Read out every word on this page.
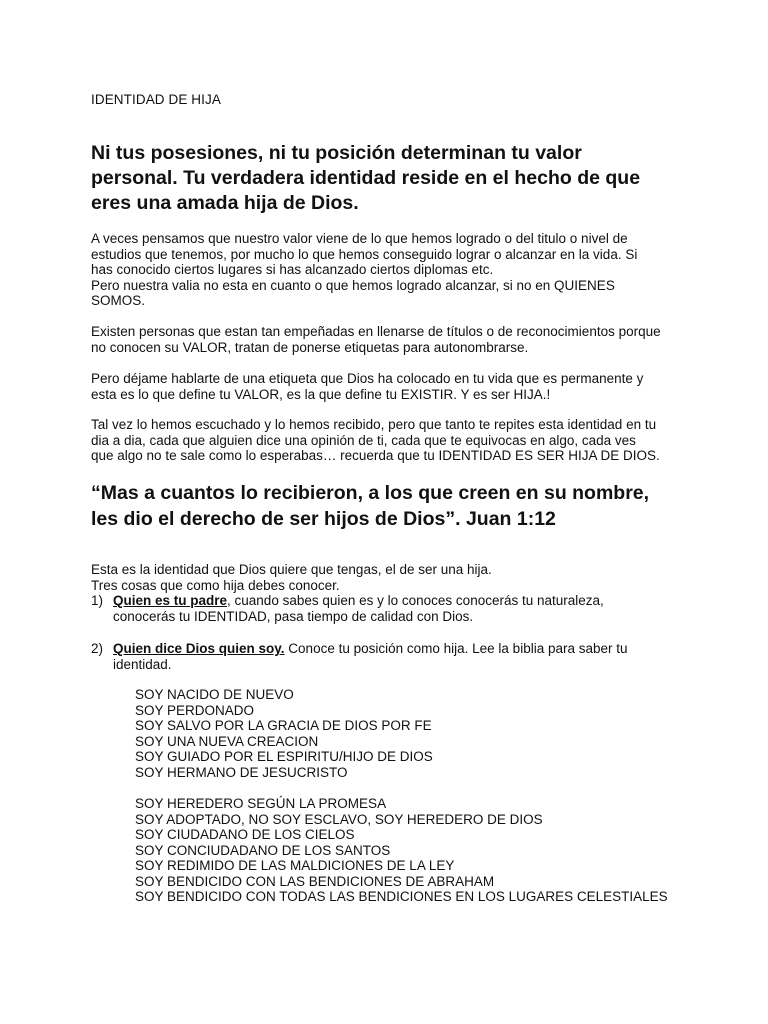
IDENTIDAD DE HIJA
Ni tus posesiones, ni tu posición determinan tu valor
personal. Tu verdadera identidad reside en el hecho de que
eres una amada hija de Dios.
A veces pensamos que nuestro valor viene de lo que hemos logrado o del titulo o nivel de
estudios que tenemos, por mucho lo que hemos conseguido lograr o alcanzar en la vida. Si
has conocido ciertos lugares si has alcanzado ciertos diplomas etc.
Pero nuestra valia no esta en cuanto o que hemos logrado alcanzar, si no en QUIENES
SOMOS.
Existen personas que estan tan empeñadas en llenarse de títulos o de reconocimientos porque
no conocen su VALOR, tratan de ponerse etiquetas para autonombrarse.
Pero déjame hablarte de una etiqueta que Dios ha colocado en tu vida que es permanente y
esta es lo que define tu VALOR, es la que define tu EXISTIR. Y es ser HIJA.!
Tal vez lo hemos escuchado y lo hemos recibido, pero que tanto te repites esta identidad en tu
dia a dia, cada que alguien dice una opinión de ti, cada que te equivocas en algo, cada ves
que algo no te sale como lo esperabas… recuerda que tu IDENTIDAD ES SER HIJA DE DIOS.
“Mas a cuantos lo recibieron, a los que creen en su nombre,
les dio el derecho de ser hijos de Dios”. Juan 1:12
Esta es la identidad que Dios quiere que tengas, el de ser una hija.
Tres cosas que como hija debes conocer.
1) Quien es tu padre, cuando sabes quien es y lo conoces conocerás tu naturaleza,
conocerás tu IDENTIDAD, pasa tiempo de calidad con Dios.
2) Quien dice Dios quien soy. Conoce tu posición como hija. Lee la biblia para saber tu
identidad.
SOY NACIDO DE NUEVO
SOY PERDONADO
SOY SALVO POR LA GRACIA DE DIOS POR FE
SOY UNA NUEVA CREACION
SOY GUIADO POR EL ESPIRITU/HIJO DE DIOS
SOY HERMANO DE JESUCRISTO
SOY HEREDERO SEGÚN LA PROMESA
SOY ADOPTADO, NO SOY ESCLAVO, SOY HEREDERO DE DIOS
SOY CIUDADANO DE LOS CIELOS
SOY CONCIUDADANO DE LOS SANTOS
SOY REDIMIDO DE LAS MALDICIONES DE LA LEY
SOY BENDICIDO CON LAS BENDICIONES DE ABRAHAM
SOY BENDICIDO CON TODAS LAS BENDICIONES EN LOS LUGARES CELESTIALES
